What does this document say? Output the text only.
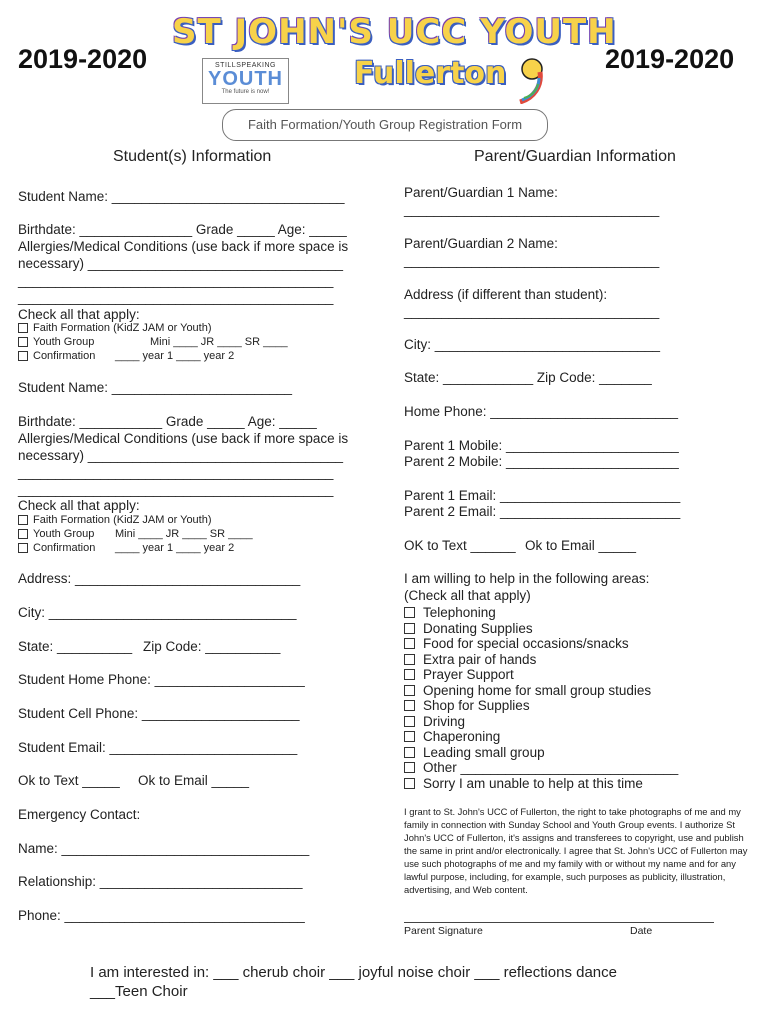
2019-2020	2019-2020
ST JOHN'S UCC YOUTH
Fullerton
STILLSPEAKING
YOUTH
The future is now!
Faith Formation/Youth Group Registration Form
Student(s) Information
Student Name: _______________________________
Birthdate: _______________ Grade _____ Age: _____
Allergies/Medical Conditions (use back if more space is
necessary) __________________________________
__________________________________________
__________________________________________
Check all that apply:
Faith Formation (KidZ JAM or Youth)
Youth Group	Mini ____ JR ____ SR ____
Confirmation ____ year 1 ____ year 2
Student Name: ________________________
Birthdate: ___________ Grade _____ Age: _____
Allergies/Medical Conditions (use back if more space is
necessary) __________________________________
__________________________________________
__________________________________________
Check all that apply:
Faith Formation (KidZ JAM or Youth)
Youth Group Mini ____ JR ____ SR ____
Confirmation ____ year 1 ____ year 2
Address: ______________________________
City: _________________________________
State: __________ Zip Code: __________
Student Home Phone: ____________________
Student Cell Phone: _____________________
Student Email: _________________________
Ok to Text _____ Ok to Email _____
Emergency Contact:
Name: _________________________________
Relationship: ___________________________
Phone: ________________________________
Parent/Guardian Information
Parent/Guardian 1 Name:
__________________________________
Parent/Guardian 2 Name:
__________________________________
Address (if different than student):
__________________________________
City: ______________________________
State: ____________ Zip Code: _______
Home Phone: _________________________
Parent 1 Mobile: _______________________
Parent 2 Mobile: _______________________
Parent 1 Email: ________________________
Parent 2 Email: ________________________
OK to Text ______ Ok to Email _____
I am willing to help in the following areas:
(Check all that apply)
Telephoning
Donating Supplies
Food for special occasions/snacks
Extra pair of hands
Prayer Support
Opening home for small group studies
Shop for Supplies
Driving
Chaperoning
Leading small group
Other _____________________________
Sorry I am unable to help at this time
I grant to St. John's UCC of Fullerton, the right to take photographs of me and my family in connection with Sunday School and Youth Group events. I authorize St John's UCC of Fullerton, it's assigns and transferees to copyright, use and publish the same in print and/or electronically. I agree that St. John's UCC of Fullerton may use such photographs of me and my family with or without my name and for any lawful purpose, including, for example, such purposes as publicity, illustration, advertising, and Web content.
Parent Signature	Date
I am interested in: ___ cherub choir ___ joyful noise choir ___ reflections dance
___Teen Choir
